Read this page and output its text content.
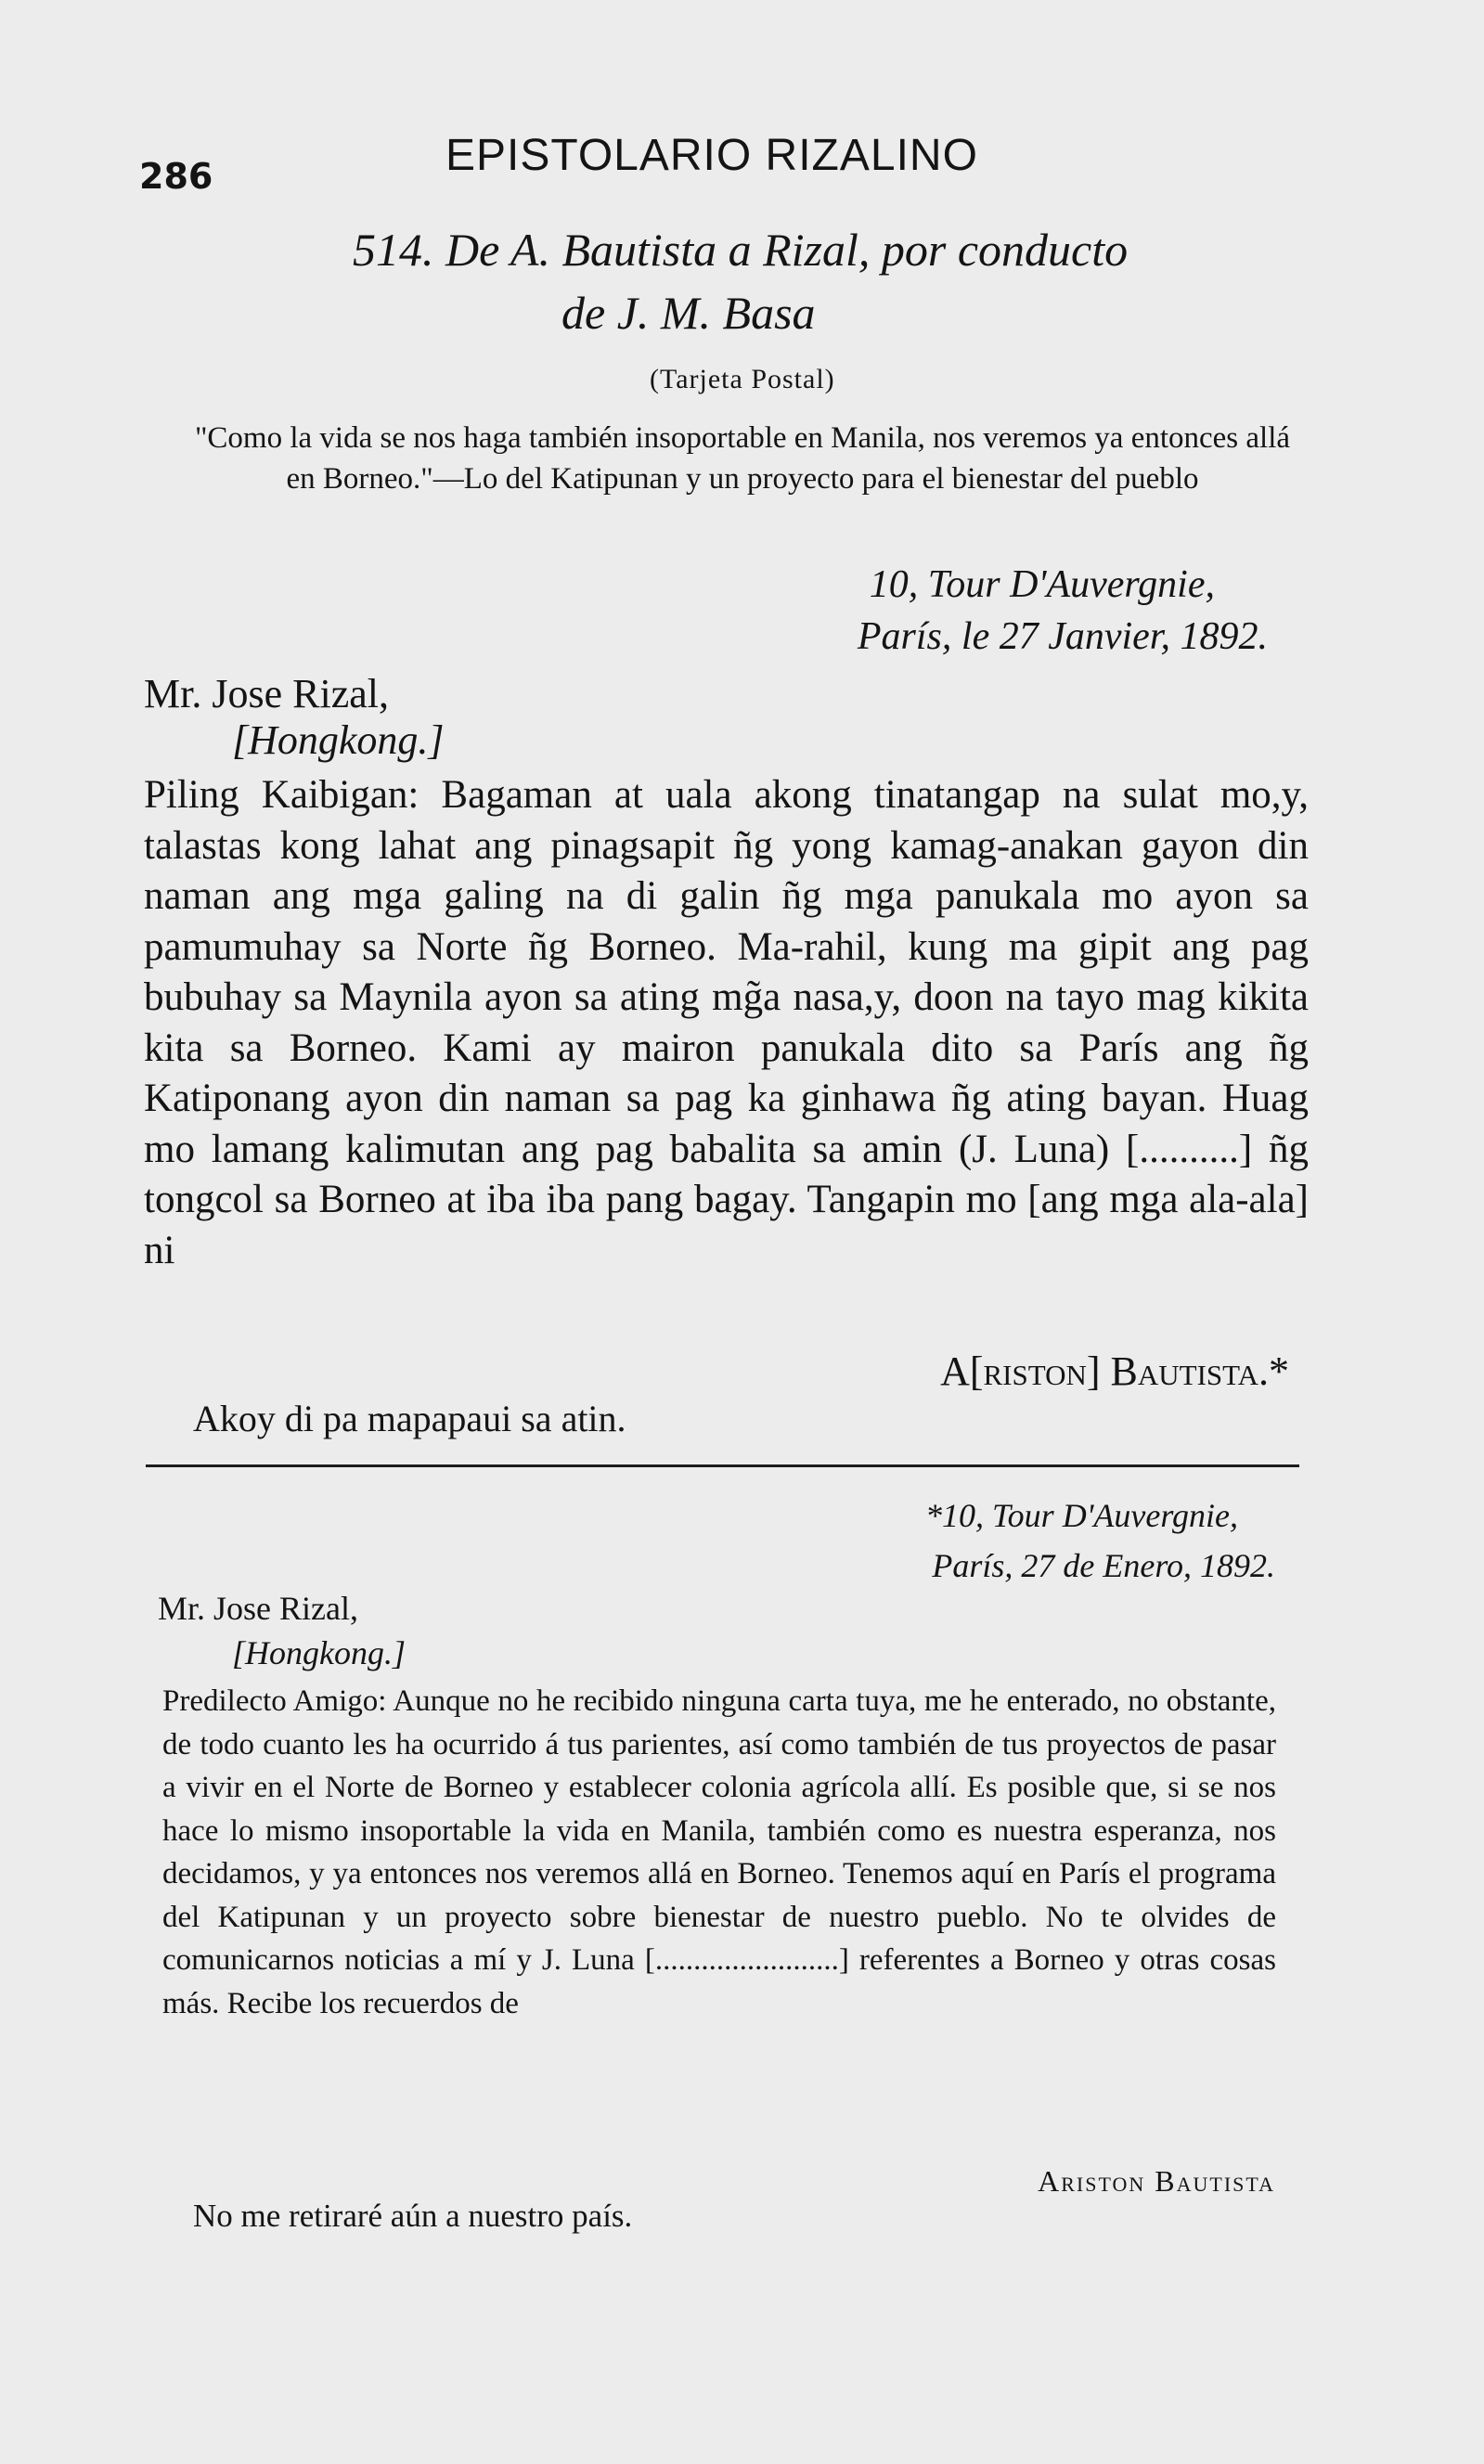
286	EPISTOLARIO RIZALINO
514. De A. Bautista a Rizal, por conducto
de J. M. Basa
(Tarjeta Postal)
"Como la vida se nos haga también insoportable en Manila, nos veremos ya entonces allá en Borneo."—Lo del Katipunan y un proyecto para el bienestar del pueblo
10, Tour D'Auvergnie,
París, le 27 Janvier, 1892.
Mr. Jose Rizal,
[Hongkong.]
Piling Kaibigan: Bagaman at uala akong tinatangap na sulat mo,y, talastas kong lahat ang pinagsapit ñg yong kamag-anakan gayon din naman ang mga galing na di galin ñg mga panukala mo ayon sa pamumuhay sa Norte ñg Borneo. Ma-rahil, kung ma gipit ang pag bubuhay sa Maynila ayon sa ating mg̃a nasa,y, doon na tayo mag kikita kita sa Borneo. Kami ay mairon panukala dito sa París ang ñg Katiponang ayon din naman sa pag ka ginhawa ñg ating bayan. Huag mo lamang kalimutan ang pag babalita sa amin (J. Luna) [..........] ñg tongcol sa Borneo at iba iba pang bagay. Tangapin mo [ang mga ala-ala] ni
A[riston] Bautista.*
Akoy di pa mapapaui sa atin.
*10, Tour D'Auvergnie,
París, 27 de Enero, 1892.
Mr. Jose Rizal,
[Hongkong.]
Predilecto Amigo: Aunque no he recibido ninguna carta tuya, me he enterado, no obstante, de todo cuanto les ha ocurrido á tus parientes, así como también de tus proyectos de pasar a vivir en el Norte de Borneo y establecer colonia agrícola allí. Es posible que, si se nos hace lo mismo insoportable la vida en Manila, también como es nuestra esperanza, nos decidamos, y ya entonces nos veremos allá en Borneo. Tenemos aquí en París el programa del Katipunan y un proyecto sobre bienestar de nuestro pueblo. No te olvides de comunicarnos noticias a mí y J. Luna [........................] referentes a Borneo y otras cosas más. Recibe los recuerdos de
Ariston Bautista
No me retiraré aún a nuestro país.
